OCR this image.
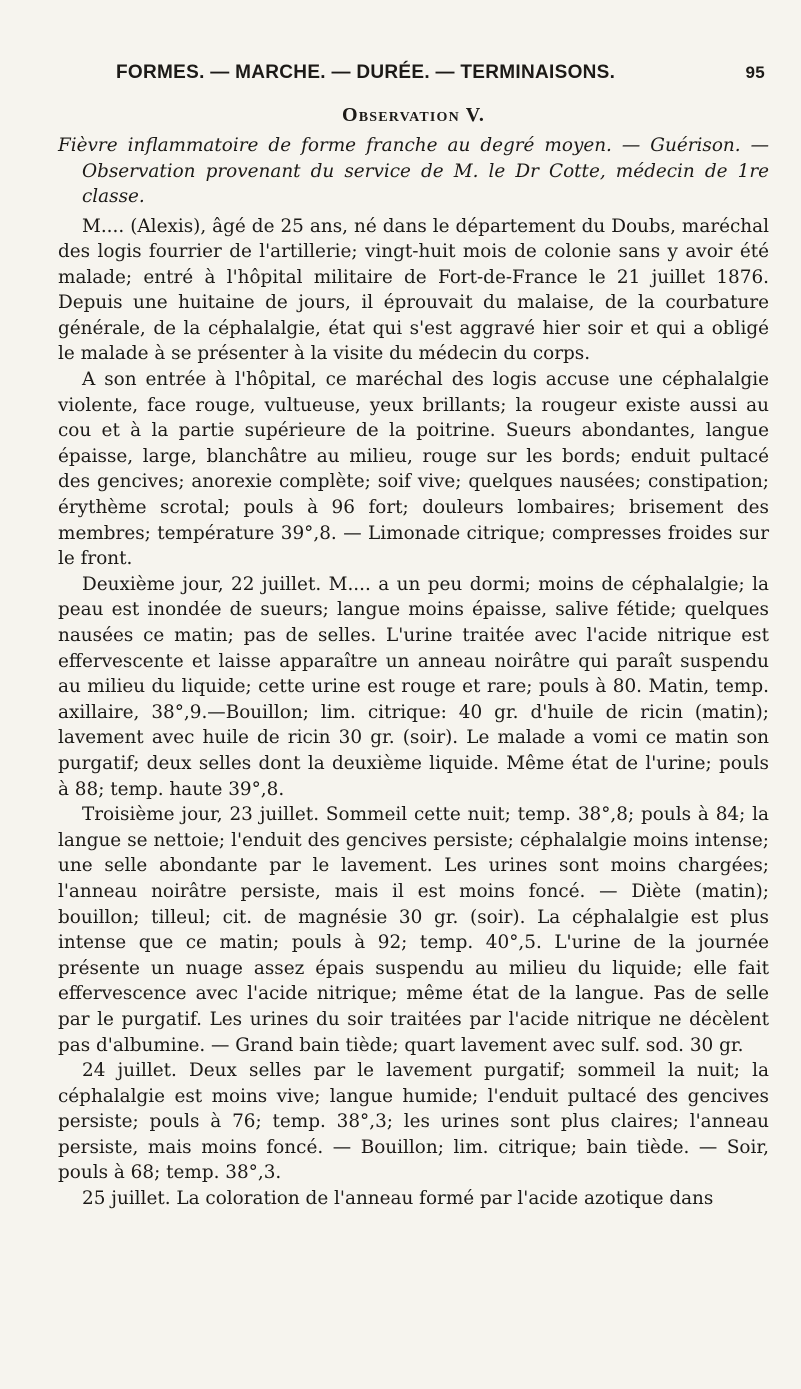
FORMES. — MARCHE. — DURÉE. — TERMINAISONS.	95
Observation V.

Fièvre inflammatoire de forme franche au degré moyen. — Guérison. — Observation provenant du service de M. le Dr Cotte, médecin de 1re classe.

M.... (Alexis), âgé de 25 ans, né dans le département du Doubs, maréchal des logis fourrier de l'artillerie; vingt-huit mois de colonie sans y avoir été malade; entré à l'hôpital militaire de Fort-de-France le 21 juillet 1876. Depuis une huitaine de jours, il éprouvait du malaise, de la courbature générale, de la céphalalgie, état qui s'est aggravé hier soir et qui a obligé le malade à se présenter à la visite du médecin du corps.

A son entrée à l'hôpital, ce maréchal des logis accuse une céphalalgie violente, face rouge, vultueuse, yeux brillants; la rougeur existe aussi au cou et à la partie supérieure de la poitrine. Sueurs abondantes, langue épaisse, large, blanchâtre au milieu, rouge sur les bords; enduit pultacé des gencives; anorexie complète; soif vive; quelques nausées; constipation; érythème scrotal; pouls à 96 fort; douleurs lombaires; brisement des membres; température 39°,8. — Limonade citrique; compresses froides sur le front.

Deuxième jour, 22 juillet. M.... a un peu dormi; moins de céphalalgie; la peau est inondée de sueurs; langue moins épaisse, salive fétide; quelques nausées ce matin; pas de selles. L'urine traitée avec l'acide nitrique est effervescente et laisse apparaître un anneau noirâtre qui paraît suspendu au milieu du liquide; cette urine est rouge et rare; pouls à 80. Matin, temp. axillaire, 38°,9.—Bouillon; lim. citrique: 40 gr. d'huile de ricin (matin); lavement avec huile de ricin 30 gr. (soir). Le malade a vomi ce matin son purgatif; deux selles dont la deuxième liquide. Même état de l'urine; pouls à 88; temp. haute 39°,8.

Troisième jour, 23 juillet. Sommeil cette nuit; temp. 38°,8; pouls à 84; la langue se nettoie; l'enduit des gencives persiste; céphalalgie moins intense; une selle abondante par le lavement. Les urines sont moins chargées; l'anneau noirâtre persiste, mais il est moins foncé. — Diète (matin); bouillon; tilleul; cit. de magnésie 30 gr. (soir). La céphalalgie est plus intense que ce matin; pouls à 92; temp. 40°,5. L'urine de la journée présente un nuage assez épais suspendu au milieu du liquide; elle fait effervescence avec l'acide nitrique; même état de la langue. Pas de selle par le purgatif. Les urines du soir traitées par l'acide nitrique ne décèlent pas d'albumine. — Grand bain tiède; quart lavement avec sulf. sod. 30 gr.

24 juillet. Deux selles par le lavement purgatif; sommeil la nuit; la céphalalgie est moins vive; langue humide; l'enduit pultacé des gencives persiste; pouls à 76; temp. 38°,3; les urines sont plus claires; l'anneau persiste, mais moins foncé. — Bouillon; lim. citrique; bain tiède. — Soir, pouls à 68; temp. 38°,3.

25 juillet. La coloration de l'anneau formé par l'acide azotique dans
